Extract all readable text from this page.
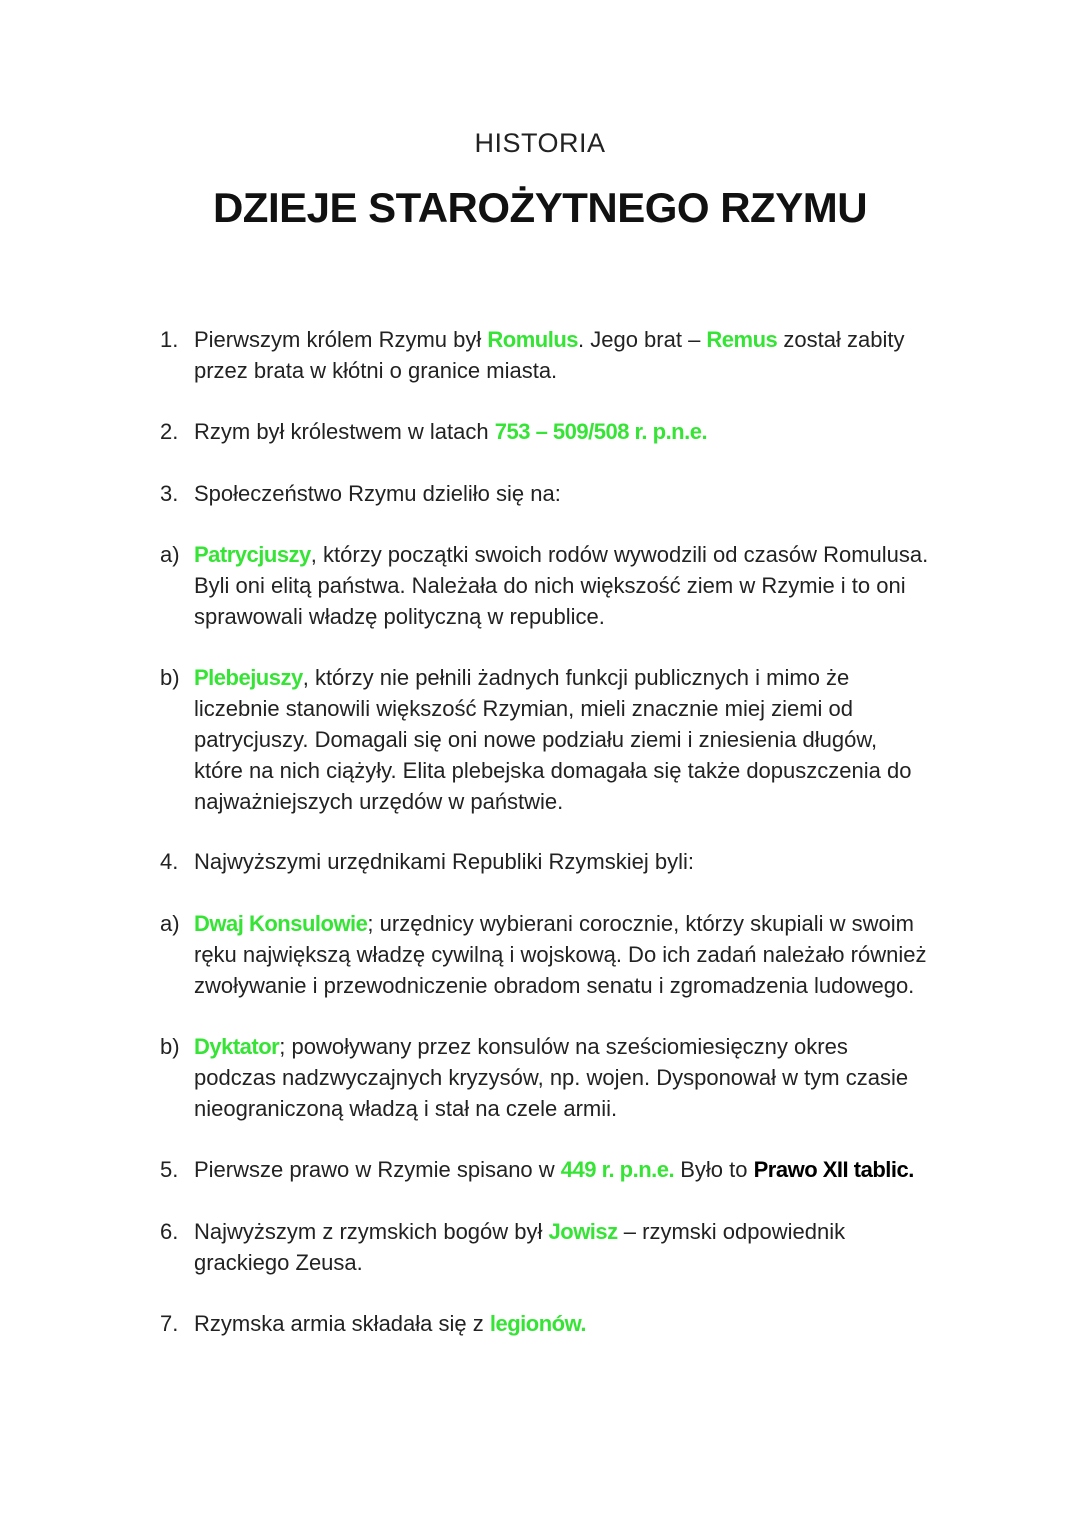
HISTORIA
DZIEJE STAROŻYTNEGO RZYMU
1. Pierwszym królem Rzymu był Romulus. Jego brat – Remus został zabity
przez brata w kłótni o granice miasta.
2. Rzym był królestwem w latach 753 – 509/508 r. p.n.e.
3. Społeczeństwo Rzymu dzieliło się na:
a) Patrycjuszy, którzy początki swoich rodów wywodzili od czasów Romulusa.
Byli oni elitą państwa. Należała do nich większość ziem w Rzymie i to oni
sprawowali władzę polityczną w republice.
b) Plebejuszy, którzy nie pełnili żadnych funkcji publicznych i mimo że
liczebnie stanowili większość Rzymian, mieli znacznie miej ziemi od
patrycjuszy. Domagali się oni nowe podziału ziemi i zniesienia długów,
które na nich ciążyły. Elita plebejska domagała się także dopuszczenia do
najważniejszych urzędów w państwie.
4. Najwyższymi urzędnikami Republiki Rzymskiej byli:
a) Dwaj Konsulowie; urzędnicy wybierani corocznie, którzy skupiali w swoim
ręku największą władzę cywilną i wojskową. Do ich zadań należało również
zwoływanie i przewodniczenie obradom senatu i zgromadzenia ludowego.
b) Dyktator; powoływany przez konsulów na sześciomiesięczny okres
podczas nadzwyczajnych kryzysów, np. wojen. Dysponował w tym czasie
nieograniczoną władzą i stał na czele armii.
5. Pierwsze prawo w Rzymie spisano w 449 r. p.n.e. Było to Prawo XII tablic.
6. Najwyższym z rzymskich bogów był Jowisz – rzymski odpowiednik
grackiego Zeusa.
7. Rzymska armia składała się z legionów.
